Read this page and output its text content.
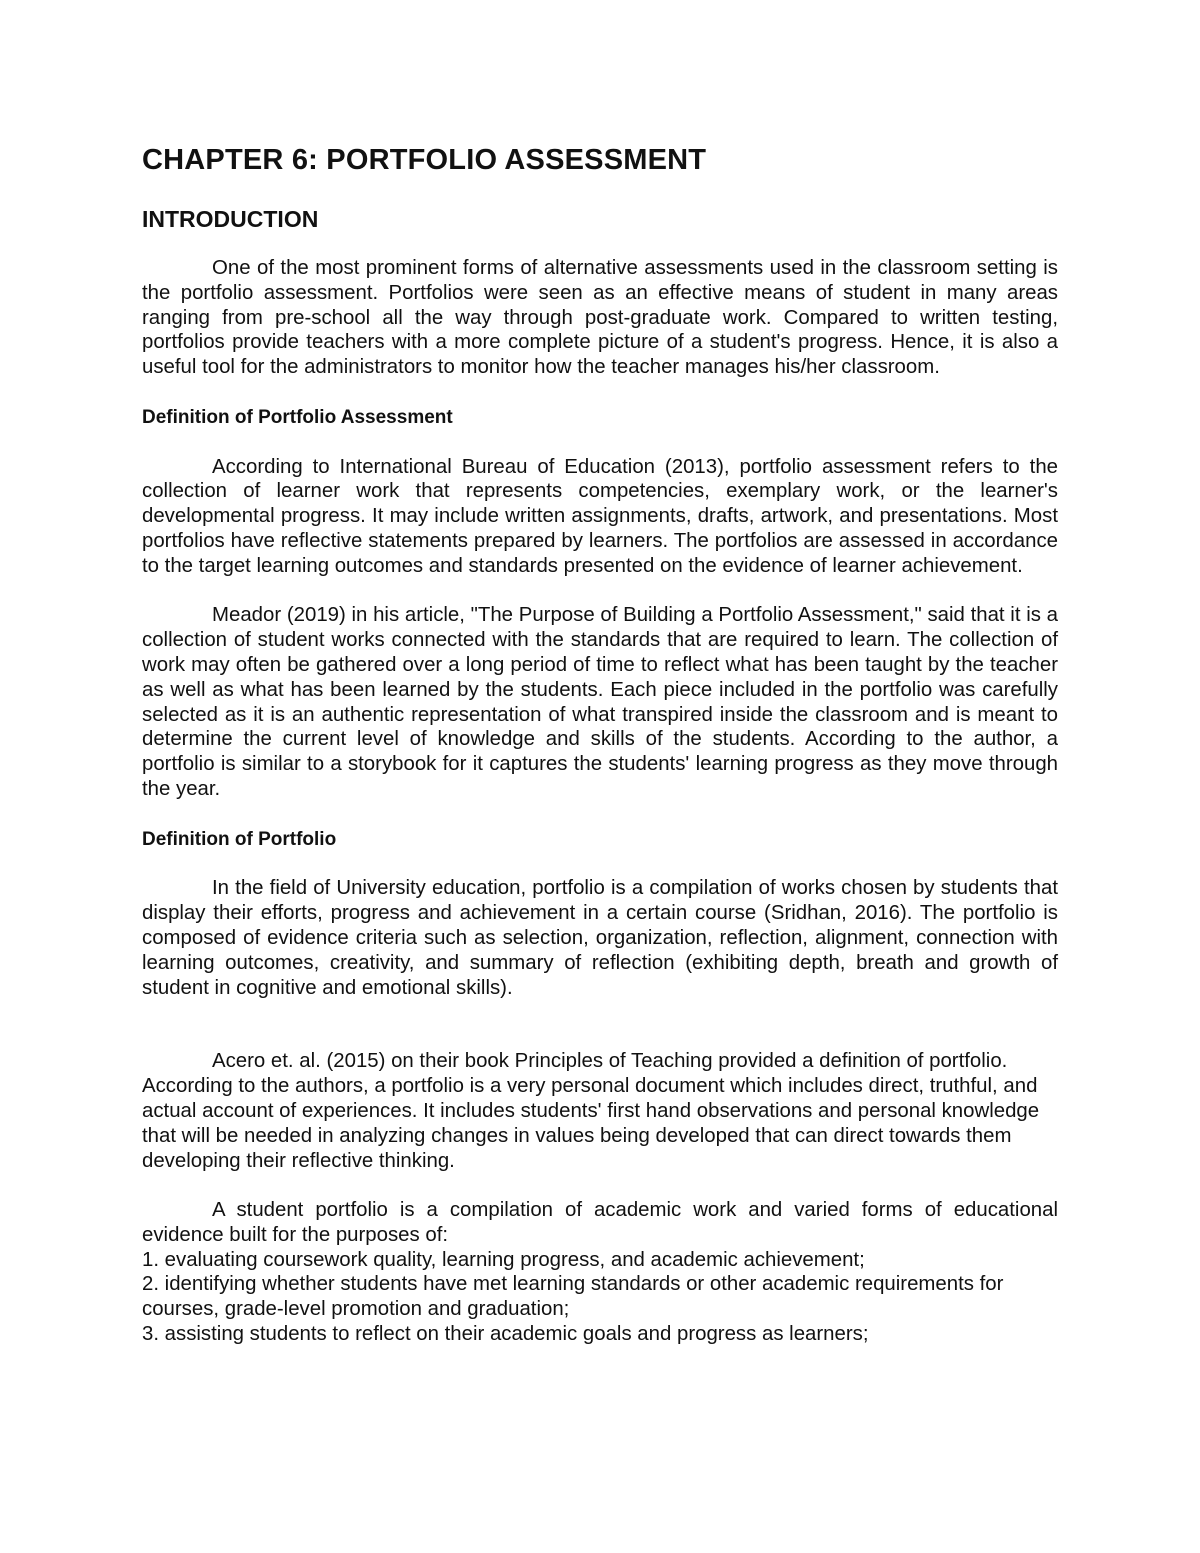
CHAPTER 6: PORTFOLIO ASSESSMENT
INTRODUCTION

One of the most prominent forms of alternative assessments used in the classroom setting is the portfolio assessment. Portfolios were seen as an effective means of student in many areas ranging from pre-school all the way through post-graduate work. Compared to written testing, portfolios provide teachers with a more complete picture of a student's progress. Hence, it is also a useful tool for the administrators to monitor how the teacher manages his/her classroom.

Definition of Portfolio Assessment

According to International Bureau of Education (2013), portfolio assessment refers to the collection of learner work that represents competencies, exemplary work, or the learner's developmental progress. It may include written assignments, drafts, artwork, and presentations. Most portfolios have reflective statements prepared by learners. The portfolios are assessed in accordance to the target learning outcomes and standards presented on the evidence of learner achievement.

Meador (2019) in his article, "The Purpose of Building a Portfolio Assessment," said that it is a collection of student works connected with the standards that are required to learn. The collection of work may often be gathered over a long period of time to reflect what has been taught by the teacher as well as what has been learned by the students. Each piece included in the portfolio was carefully selected as it is an authentic representation of what transpired inside the classroom and is meant to determine the current level of knowledge and skills of the students. According to the author, a portfolio is similar to a storybook for it captures the students' learning progress as they move through the year.

Definition of Portfolio

In the field of University education, portfolio is a compilation of works chosen by students that display their efforts, progress and achievement in a certain course (Sridhan, 2016). The portfolio is composed of evidence criteria such as selection, organization, reflection, alignment, connection with learning outcomes, creativity, and summary of reflection (exhibiting depth, breath and growth of student in cognitive and emotional skills).

Acero et. al. (2015) on their book Principles of Teaching provided a definition of portfolio. According to the authors, a portfolio is a very personal document which includes direct, truthful, and actual account of experiences. It includes students' first hand observations and personal knowledge that will be needed in analyzing changes in values being developed that can direct towards them developing their reflective thinking.

A student portfolio is a compilation of academic work and varied forms of educational evidence built for the purposes of:

1. evaluating coursework quality, learning progress, and academic achievement;
2. identifying whether students have met learning standards or other academic requirements for courses, grade-level promotion and graduation;
3. assisting students to reflect on their academic goals and progress as learners;
